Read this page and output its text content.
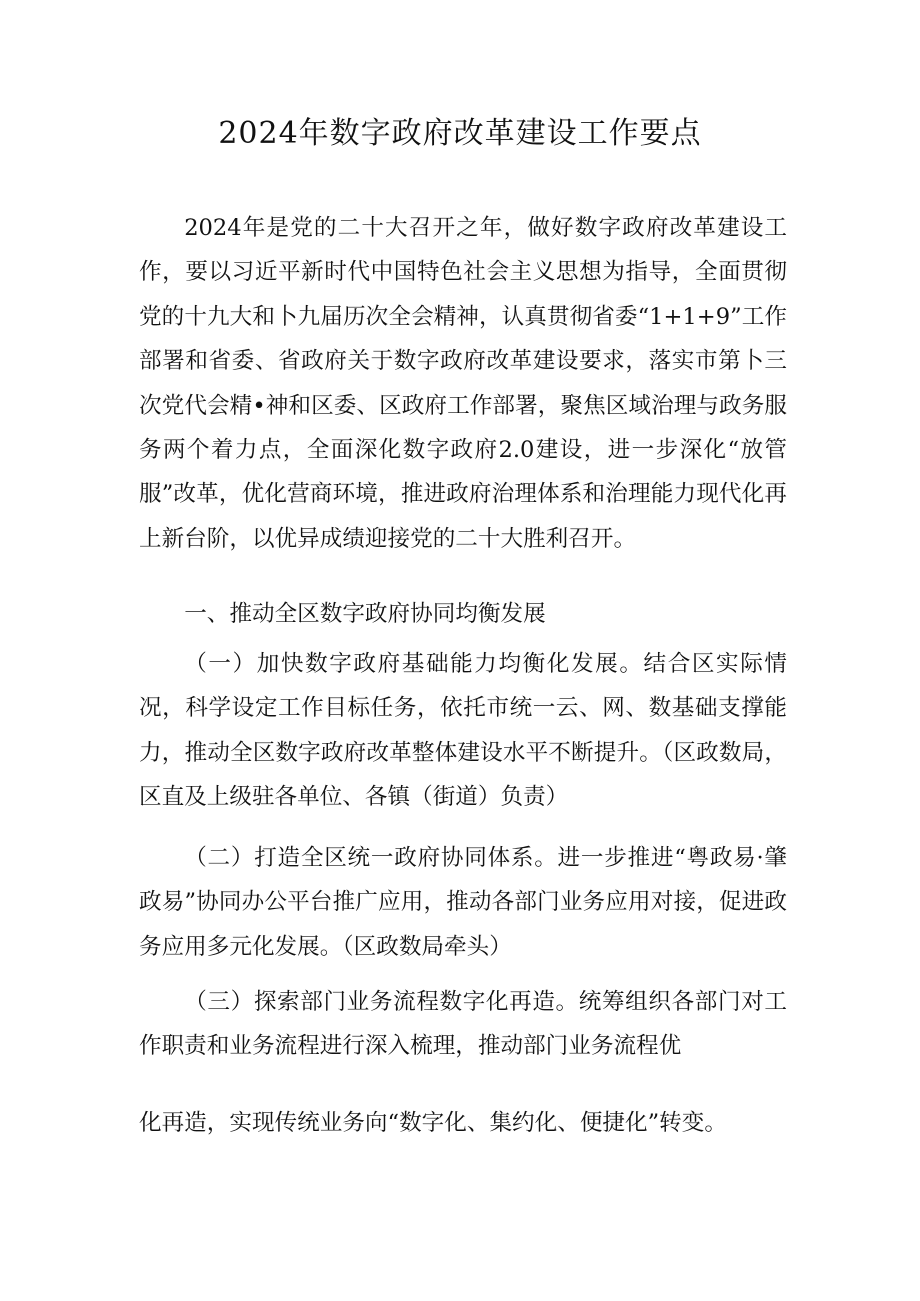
2024年数字政府改革建设工作要点

2024年是党的二十大召开之年，做好数字政府改革建设工作，要以习近平新时代中国特色社会主义思想为指导，全面贯彻党的十九大和卜九届历次全会精神，认真贯彻省委“1+1+9”工作部署和省委、省政府关于数字政府改革建设要求，落实市第卜三次党代会精•神和区委、区政府工作部署，聚焦区域治理与政务服务两个着力点，全面深化数字政府2.0建设，进一步深化“放管服”改革，优化营商环境，推进政府治理体系和治理能力现代化再上新台阶，以优异成绩迎接党的二十大胜利召开。

一、推动全区数字政府协同均衡发展

（一）加快数字政府基础能力均衡化发展。结合区实际情况，科学设定工作目标任务，依托市统一云、网、数基础支撑能力，推动全区数字政府改革整体建设水平不断提升。（区政数局，区直及上级驻各单位、各镇（街道）负责）

（二）打造全区统一政府协同体系。进一步推进“粤政易·肇政易”协同办公平台推广应用，推动各部门业务应用对接，促进政务应用多元化发展。（区政数局牵头）

（三）探索部门业务流程数字化再造。统筹组织各部门对工作职责和业务流程进行深入梳理，推动部门业务流程优

化再造，实现传统业务向“数字化、集约化、便捷化”转变。
